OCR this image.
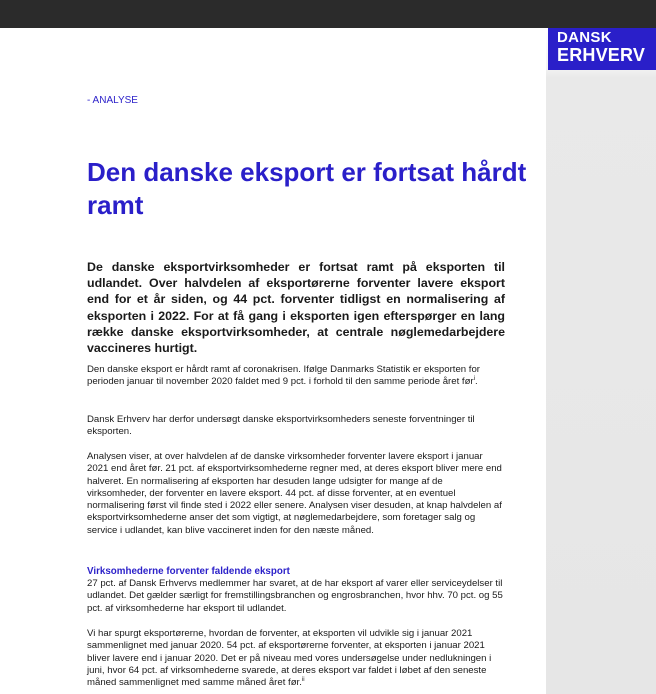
DANSK
ERHVERV
- ANALYSE
Den danske eksport er fortsat hårdt ramt

De danske eksportvirksomheder er fortsat ramt på eksporten til udlandet. Over halvdelen af eksportørerne forventer lavere eksport end for et år siden, og 44 pct. forventer tidligst en normalisering af eksporten i 2022. For at få gang i eksporten igen efterspørger en lang række danske eksportvirksomheder, at centrale nøglemedarbejdere vaccineres hurtigt.

Den danske eksport er hårdt ramt af coronakrisen. Ifølge Danmarks Statistik er eksporten for perioden januar til november 2020 faldet med 9 pct. i forhold til den samme periode året før$^i$.

Dansk Erhverv har derfor undersøgt danske eksportvirksomheders seneste forventninger til eksporten.

Analysen viser, at over halvdelen af de danske virksomheder forventer lavere eksport i januar 2021 end året før. 21 pct. af eksportvirksomhederne regner med, at deres eksport bliver mere end halveret. En normalisering af eksporten har desuden lange udsigter for mange af de virksomheder, der forventer en lavere eksport. 44 pct. af disse forventer, at en eventuel normalisering først vil finde sted i 2022 eller senere. Analysen viser desuden, at knap halvdelen af eksportvirksomhederne anser det som vigtigt, at nøglemedarbejdere, som foretager salg og service i udlandet, kan blive vaccineret inden for den næste måned.

Virksomhederne forventer faldende eksport

27 pct. af Dansk Erhvervs medlemmer har svaret, at de har eksport af varer eller serviceydelser til udlandet. Det gælder særligt for fremstillingsbranchen og engrosbranchen, hvor hhv. 70 pct. og 55 pct. af virksomhederne har eksport til udlandet.

Vi har spurgt eksportørerne, hvordan de forventer, at eksporten vil udvikle sig i januar 2021 sammenlignet med januar 2020. 54 pct. af eksportørerne forventer, at eksporten i januar 2021 bliver lavere end i januar 2020. Det er på niveau med vores undersøgelse under nedlukningen i juni, hvor 64 pct. af virksomhederne svarede, at deres eksport var faldet i løbet af den seneste måned sammenlignet med samme måned året før.$^{ii}$
